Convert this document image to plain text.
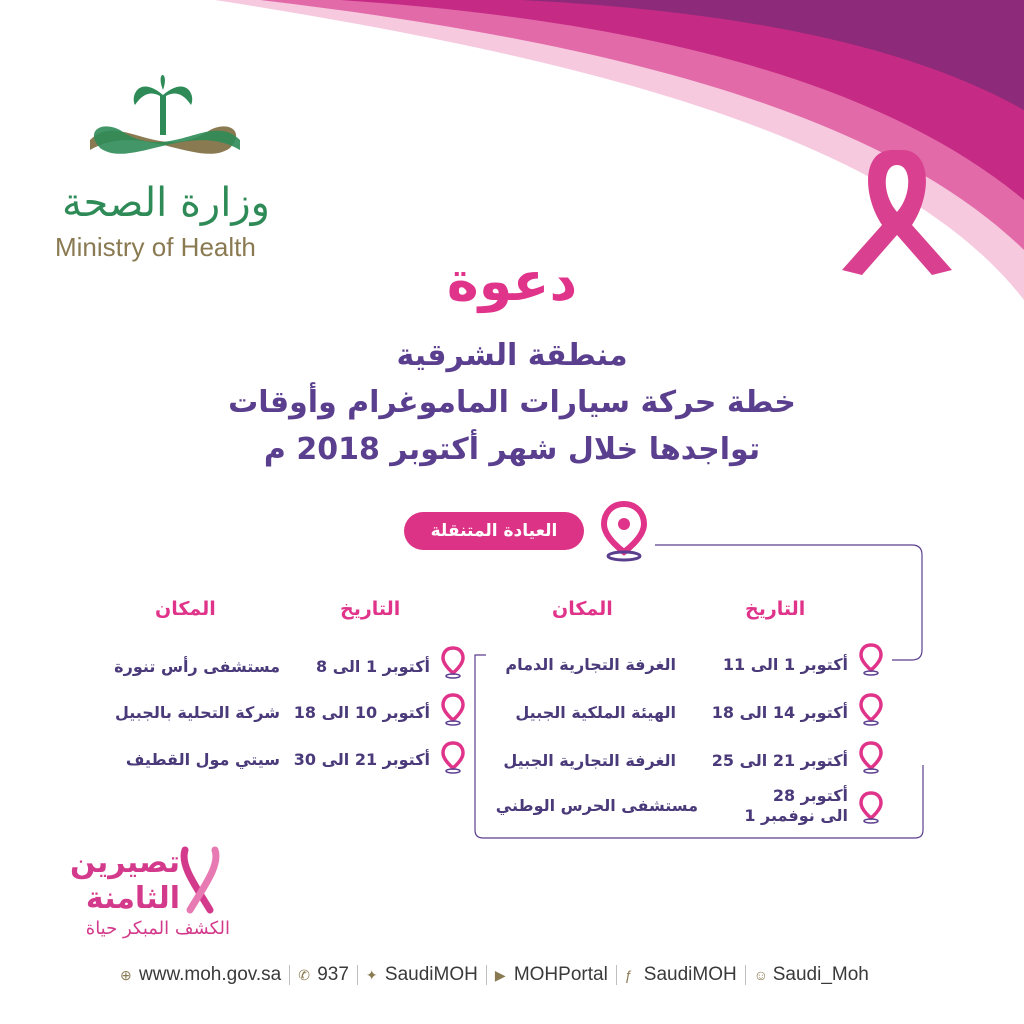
وزارة الصحة
Ministry of Health
دعوة
منطقة الشرقية
خطة حركة سيارات الماموغرام وأوقات
تواجدها خلال شهر أكتوبر 2018 م
العيادة المتنقلة
التاريخ
المكان
التاريخ
المكان
أكتوبر 1 الى 11
الغرفة التجارية الدمام
أكتوبر 14 الى 18
الهيئة الملكية الجبيل
أكتوبر 21 الى 25
الغرفة التجارية الجبيل
أكتوبر 28
الى نوفمبر 1
مستشفى الحرس الوطني
أكتوبر 1 الى 8
مستشفى رأس تنورة
أكتوبر 10 الى 18
شركة التحلية بالجبيل
أكتوبر 21 الى 30
سيتي مول القطيف
تصيرين
الثامنة
الكشف المبكر حياة
⊕ www.moh.gov.sa ✆ 937 ✦ SaudiMOH ▶ MOHPortal ƒ SaudiMOH ☺ Saudi_Moh
